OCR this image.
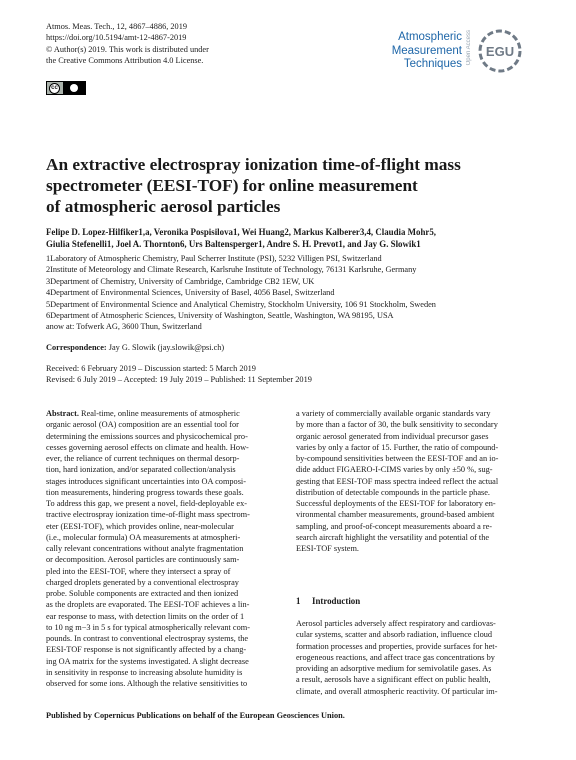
Atmos. Meas. Tech., 12, 4867–4886, 2019
https://doi.org/10.5194/amt-12-4867-2019
© Author(s) 2019. This work is distributed under
the Creative Commons Attribution 4.0 License.
cc
Atmospheric
Measurement
Techniques Open Access EGU
An extractive electrospray ionization time-of-flight mass
spectrometer (EESI-TOF) for online measurement
of atmospheric aerosol particles
Felipe D. Lopez-Hilfiker1,a, Veronika Pospisilova1, Wei Huang2, Markus Kalberer3,4, Claudia Mohr5,
Giulia Stefenelli1, Joel A. Thornton6, Urs Baltensperger1, Andre S. H. Prevot1, and Jay G. Slowik1
1Laboratory of Atmospheric Chemistry, Paul Scherrer Institute (PSI), 5232 Villigen PSI, Switzerland
2Institute of Meteorology and Climate Research, Karlsruhe Institute of Technology, 76131 Karlsruhe, Germany
3Department of Chemistry, University of Cambridge, Cambridge CB2 1EW, UK
4Department of Environmental Sciences, University of Basel, 4056 Basel, Switzerland
5Department of Environmental Science and Analytical Chemistry, Stockholm University, 106 91 Stockholm, Sweden
6Department of Atmospheric Sciences, University of Washington, Seattle, Washington, WA 98195, USA
anow at: Tofwerk AG, 3600 Thun, Switzerland
Correspondence: Jay G. Slowik (jay.slowik@psi.ch)
Received: 6 February 2019 – Discussion started: 5 March 2019
Revised: 6 July 2019 – Accepted: 19 July 2019 – Published: 11 September 2019
Abstract. Real-time, online measurements of atmospheric
organic aerosol (OA) composition are an essential tool for
determining the emissions sources and physicochemical pro-
cesses governing aerosol effects on climate and health. How-
ever, the reliance of current techniques on thermal desorp-
tion, hard ionization, and/or separated collection/analysis
stages introduces significant uncertainties into OA composi-
tion measurements, hindering progress towards these goals.
To address this gap, we present a novel, field-deployable ex-
tractive electrospray ionization time-of-flight mass spectrom-
eter (EESI-TOF), which provides online, near-molecular
(i.e., molecular formula) OA measurements at atmospheri-
cally relevant concentrations without analyte fragmentation
or decomposition. Aerosol particles are continuously sam-
pled into the EESI-TOF, where they intersect a spray of
charged droplets generated by a conventional electrospray
probe. Soluble components are extracted and then ionized
as the droplets are evaporated. The EESI-TOF achieves a lin-
ear response to mass, with detection limits on the order of 1
to 10 ng m−3 in 5 s for typical atmospherically relevant com-
pounds. In contrast to conventional electrospray systems, the
EESI-TOF response is not significantly affected by a chang-
ing OA matrix for the systems investigated. A slight decrease
in sensitivity in response to increasing absolute humidity is
observed for some ions. Although the relative sensitivities to
a variety of commercially available organic standards vary
by more than a factor of 30, the bulk sensitivity to secondary
organic aerosol generated from individual precursor gases
varies by only a factor of 15. Further, the ratio of compound-
by-compound sensitivities between the EESI-TOF and an io-
dide adduct FIGAERO-I-CIMS varies by only ±50 %, sug-
gesting that EESI-TOF mass spectra indeed reflect the actual
distribution of detectable compounds in the particle phase.
Successful deployments of the EESI-TOF for laboratory en-
vironmental chamber measurements, ground-based ambient
sampling, and proof-of-concept measurements aboard a re-
search aircraft highlight the versatility and potential of the
EESI-TOF system.
1 Introduction
Aerosol particles adversely affect respiratory and cardiovas-
cular systems, scatter and absorb radiation, influence cloud
formation processes and properties, provide surfaces for het-
erogeneous reactions, and affect trace gas concentrations by
providing an adsorptive medium for semivolatile gases. As
a result, aerosols have a significant effect on public health,
climate, and overall atmospheric reactivity. Of particular im-
Published by Copernicus Publications on behalf of the European Geosciences Union.
